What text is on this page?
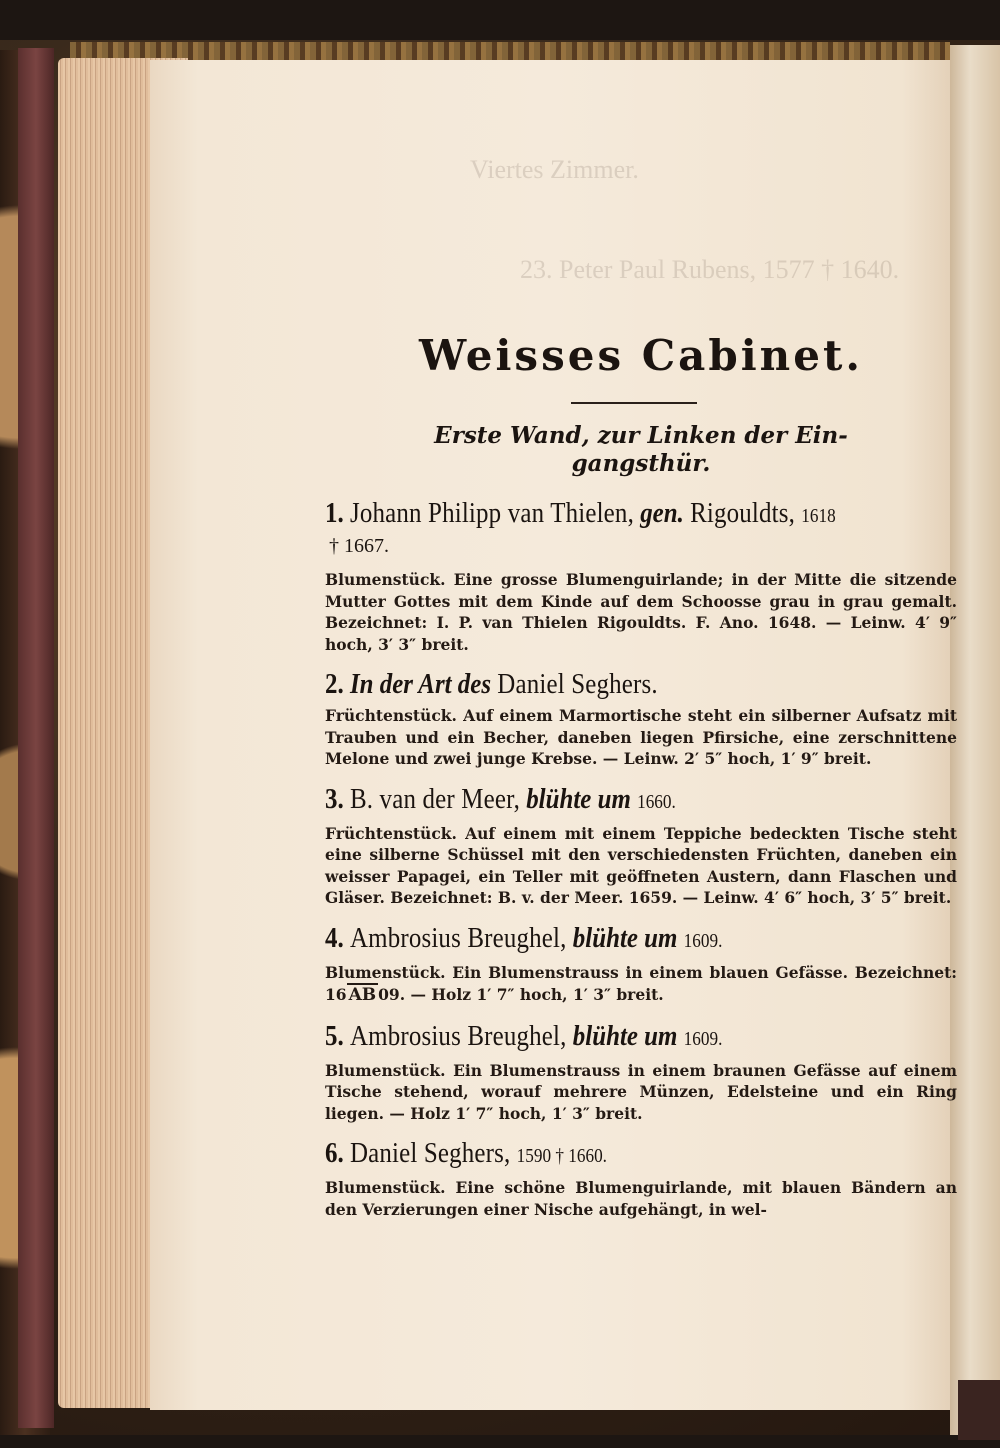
Weisses Cabinet.
Erste Wand, zur Linken der Ein-
gangsthür.
1. Johann Philipp van Thielen, gen. Rigouldts, 1618
† 1667.
Blumenstück. Eine grosse Blumenguirlande; in der Mitte die sitzende Mutter Gottes mit dem Kinde auf dem Schoosse grau in grau gemalt. Bezeichnet: I. P. van Thielen Rigouldts. F. Ano. 1648. — Leinw. 4′ 9″ hoch, 3′ 3″ breit.
2. In der Art des Daniel Seghers.
Früchtenstück. Auf einem Marmortische steht ein silberner Aufsatz mit Trauben und ein Becher, daneben liegen Pfirsiche, eine zerschnittene Melone und zwei junge Krebse. — Leinw. 2′ 5″ hoch, 1′ 9″ breit.
3. B. van der Meer, blühte um 1660.
Früchtenstück. Auf einem mit einem Teppiche bedeckten Tische steht eine silberne Schüssel mit den verschiedensten Früchten, daneben ein weisser Papagei, ein Teller mit geöffneten Austern, dann Flaschen und Gläser. Bezeichnet: B. v. der Meer. 1659. — Leinw. 4′ 6″ hoch, 3′ 5″ breit.
4. Ambrosius Breughel, blühte um 1609.
Blumenstück. Ein Blumenstrauss in einem blauen Gefässe. Bezeichnet: 16 AB 09. — Holz 1′ 7″ hoch, 1′ 3″ breit.
5. Ambrosius Breughel, blühte um 1609.
Blumenstück. Ein Blumenstrauss in einem braunen Gefässe auf einem Tische stehend, worauf mehrere Münzen, Edelsteine und ein Ring liegen. — Holz 1′ 7″ hoch, 1′ 3″ breit.
6. Daniel Seghers, 1590 † 1660.
Blumenstück. Eine schöne Blumenguirlande, mit blauen Bändern an den Verzierungen einer Nische aufgehängt, in wel-
